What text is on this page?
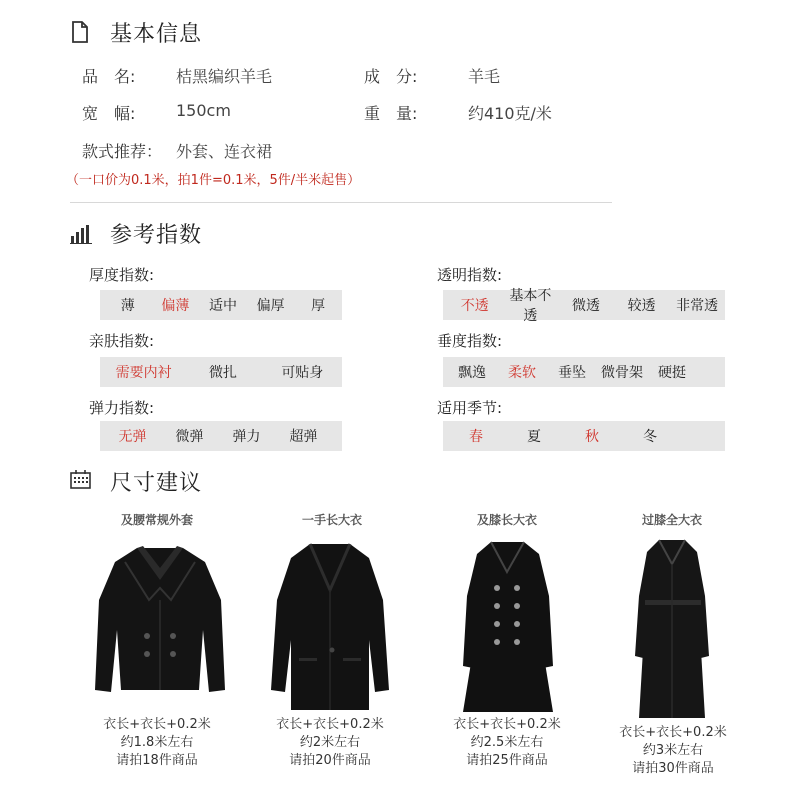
基本信息
品　名:	桔黑编织羊毛	成　分:	羊毛
宽　幅:	150cm	重　量:	约410克/米
款式推荐： 外套、连衣裙
（一口价为0.1米，拍1件=0.1米，5件/半米起售）
参考指数
厚度指数:
薄	偏薄	适中	偏厚	厚
亲肤指数:
需要内衬	微扎	可贴身
弹力指数:
无弹	微弹	弹力	超弹
透明指数:
不透
基本不透
微透	较透	非常透
垂度指数:
飘逸	柔软	垂坠	微骨架	硬挺
适用季节:
春	夏	秋	冬
尺寸建议
及腰常规外套
衣长+衣长+0.2米
约1.8米左右
请拍18件商品
一手长大衣
衣长+衣长+0.2米
约2米左右
请拍20件商品
及膝长大衣
衣长+衣长+0.2米
约2.5米左右
请拍25件商品
过膝全大衣
衣长+衣长+0.2米
约3米左右
请拍30件商品
